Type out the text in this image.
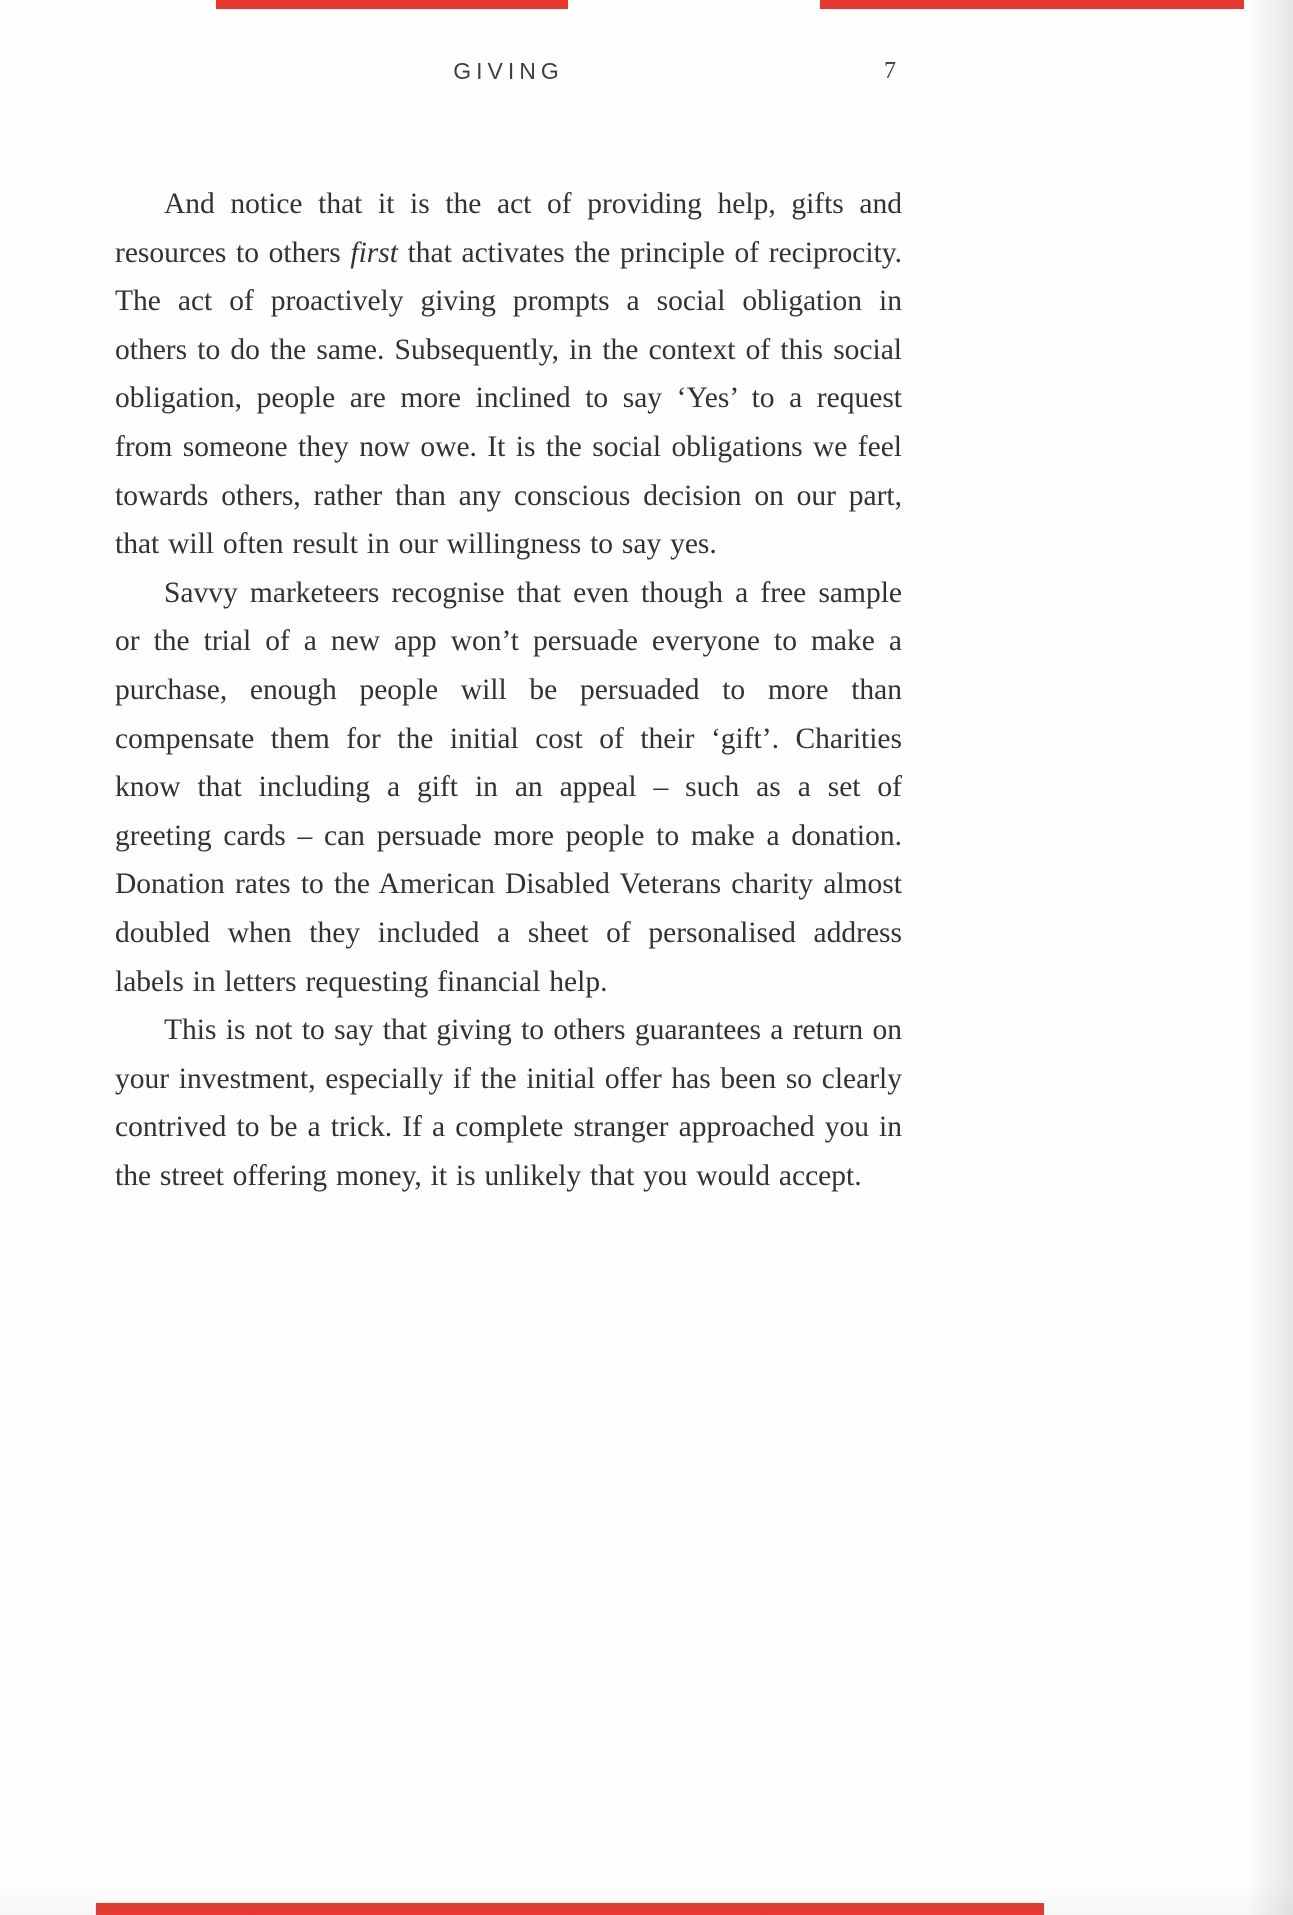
GIVING	7

And notice that it is the act of providing help, gifts and resources to others first that activates the principle of reciprocity. The act of proactively giving prompts a social obligation in others to do the same. Subsequently, in the context of this social obligation, people are more inclined to say ‘Yes’ to a request from someone they now owe. It is the social obligations we feel towards others, rather than any conscious decision on our part, that will often result in our willingness to say yes.

Savvy marketeers recognise that even though a free sample or the trial of a new app won’t persuade everyone to make a purchase, enough people will be persuaded to more than compensate them for the initial cost of their ‘gift’. Charities know that including a gift in an appeal – such as a set of greeting cards – can persuade more people to make a donation. Donation rates to the American Disabled Veterans charity almost doubled when they included a sheet of personalised address labels in letters requesting financial help.

This is not to say that giving to others guarantees a return on your investment, especially if the initial offer has been so clearly contrived to be a trick. If a complete stranger approached you in the street offering money, it is unlikely that you would accept.
